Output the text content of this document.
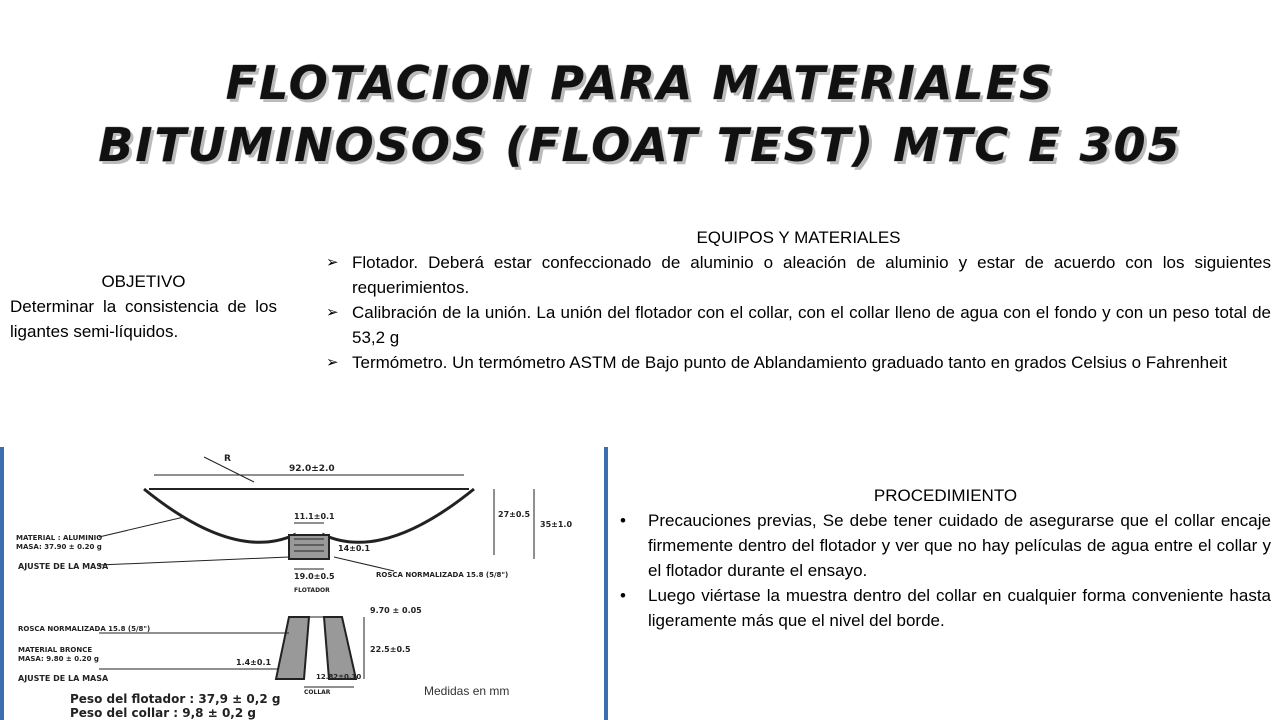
FLOTACION PARA MATERIALES
BITUMINOSOS (FLOAT TEST) MTC E 305
OBJETIVO
Determinar la consistencia de los ligantes semi-líquidos.
EQUIPOS Y MATERIALES
➢ Flotador. Deberá estar confeccionado de aluminio o aleación de aluminio y estar de acuerdo con los siguientes requerimientos.
➢ Calibración de la unión. La unión del flotador con el collar, con el collar lleno de agua con el fondo y con un peso total de 53,2 g
➢ Termómetro. Un termómetro ASTM de Bajo punto de Ablandamiento graduado tanto en grados Celsius o Fahrenheit
PROCEDIMIENTO
• Precauciones previas, Se debe tener cuidado de asegurarse que el collar encaje firmemente dentro del flotador y ver que no hay películas de agua entre el collar y el flotador durante el ensayo.
• Luego viértase la muestra dentro del collar en cualquier forma conveniente hasta ligeramente más que el nivel del borde.
92.0±2.0
R
11.1±0.1
19.0±0.5
35±1.0
27±0.5
14±0.1
MATERIAL : ALUMINIO
MASA: 37.90 ± 0.20 g
AJUSTE DE LA MASA
ROSCA NORMALIZADA 15.8 (5/8")
FLOTADOR
9.70 ± 0.05
ROSCA NORMALIZADA 15.8 (5/8")
MATERIAL BRONCE
MASA: 9.80 ± 0.20 g
22.5±0.5
1.4±0.1
AJUSTE DE LA MASA	12.82±0.10
COLLAR	Medidas en mm
Peso del flotador : 37,9 ± 0,2 g
Peso del collar : 9,8 ± 0,2 g
